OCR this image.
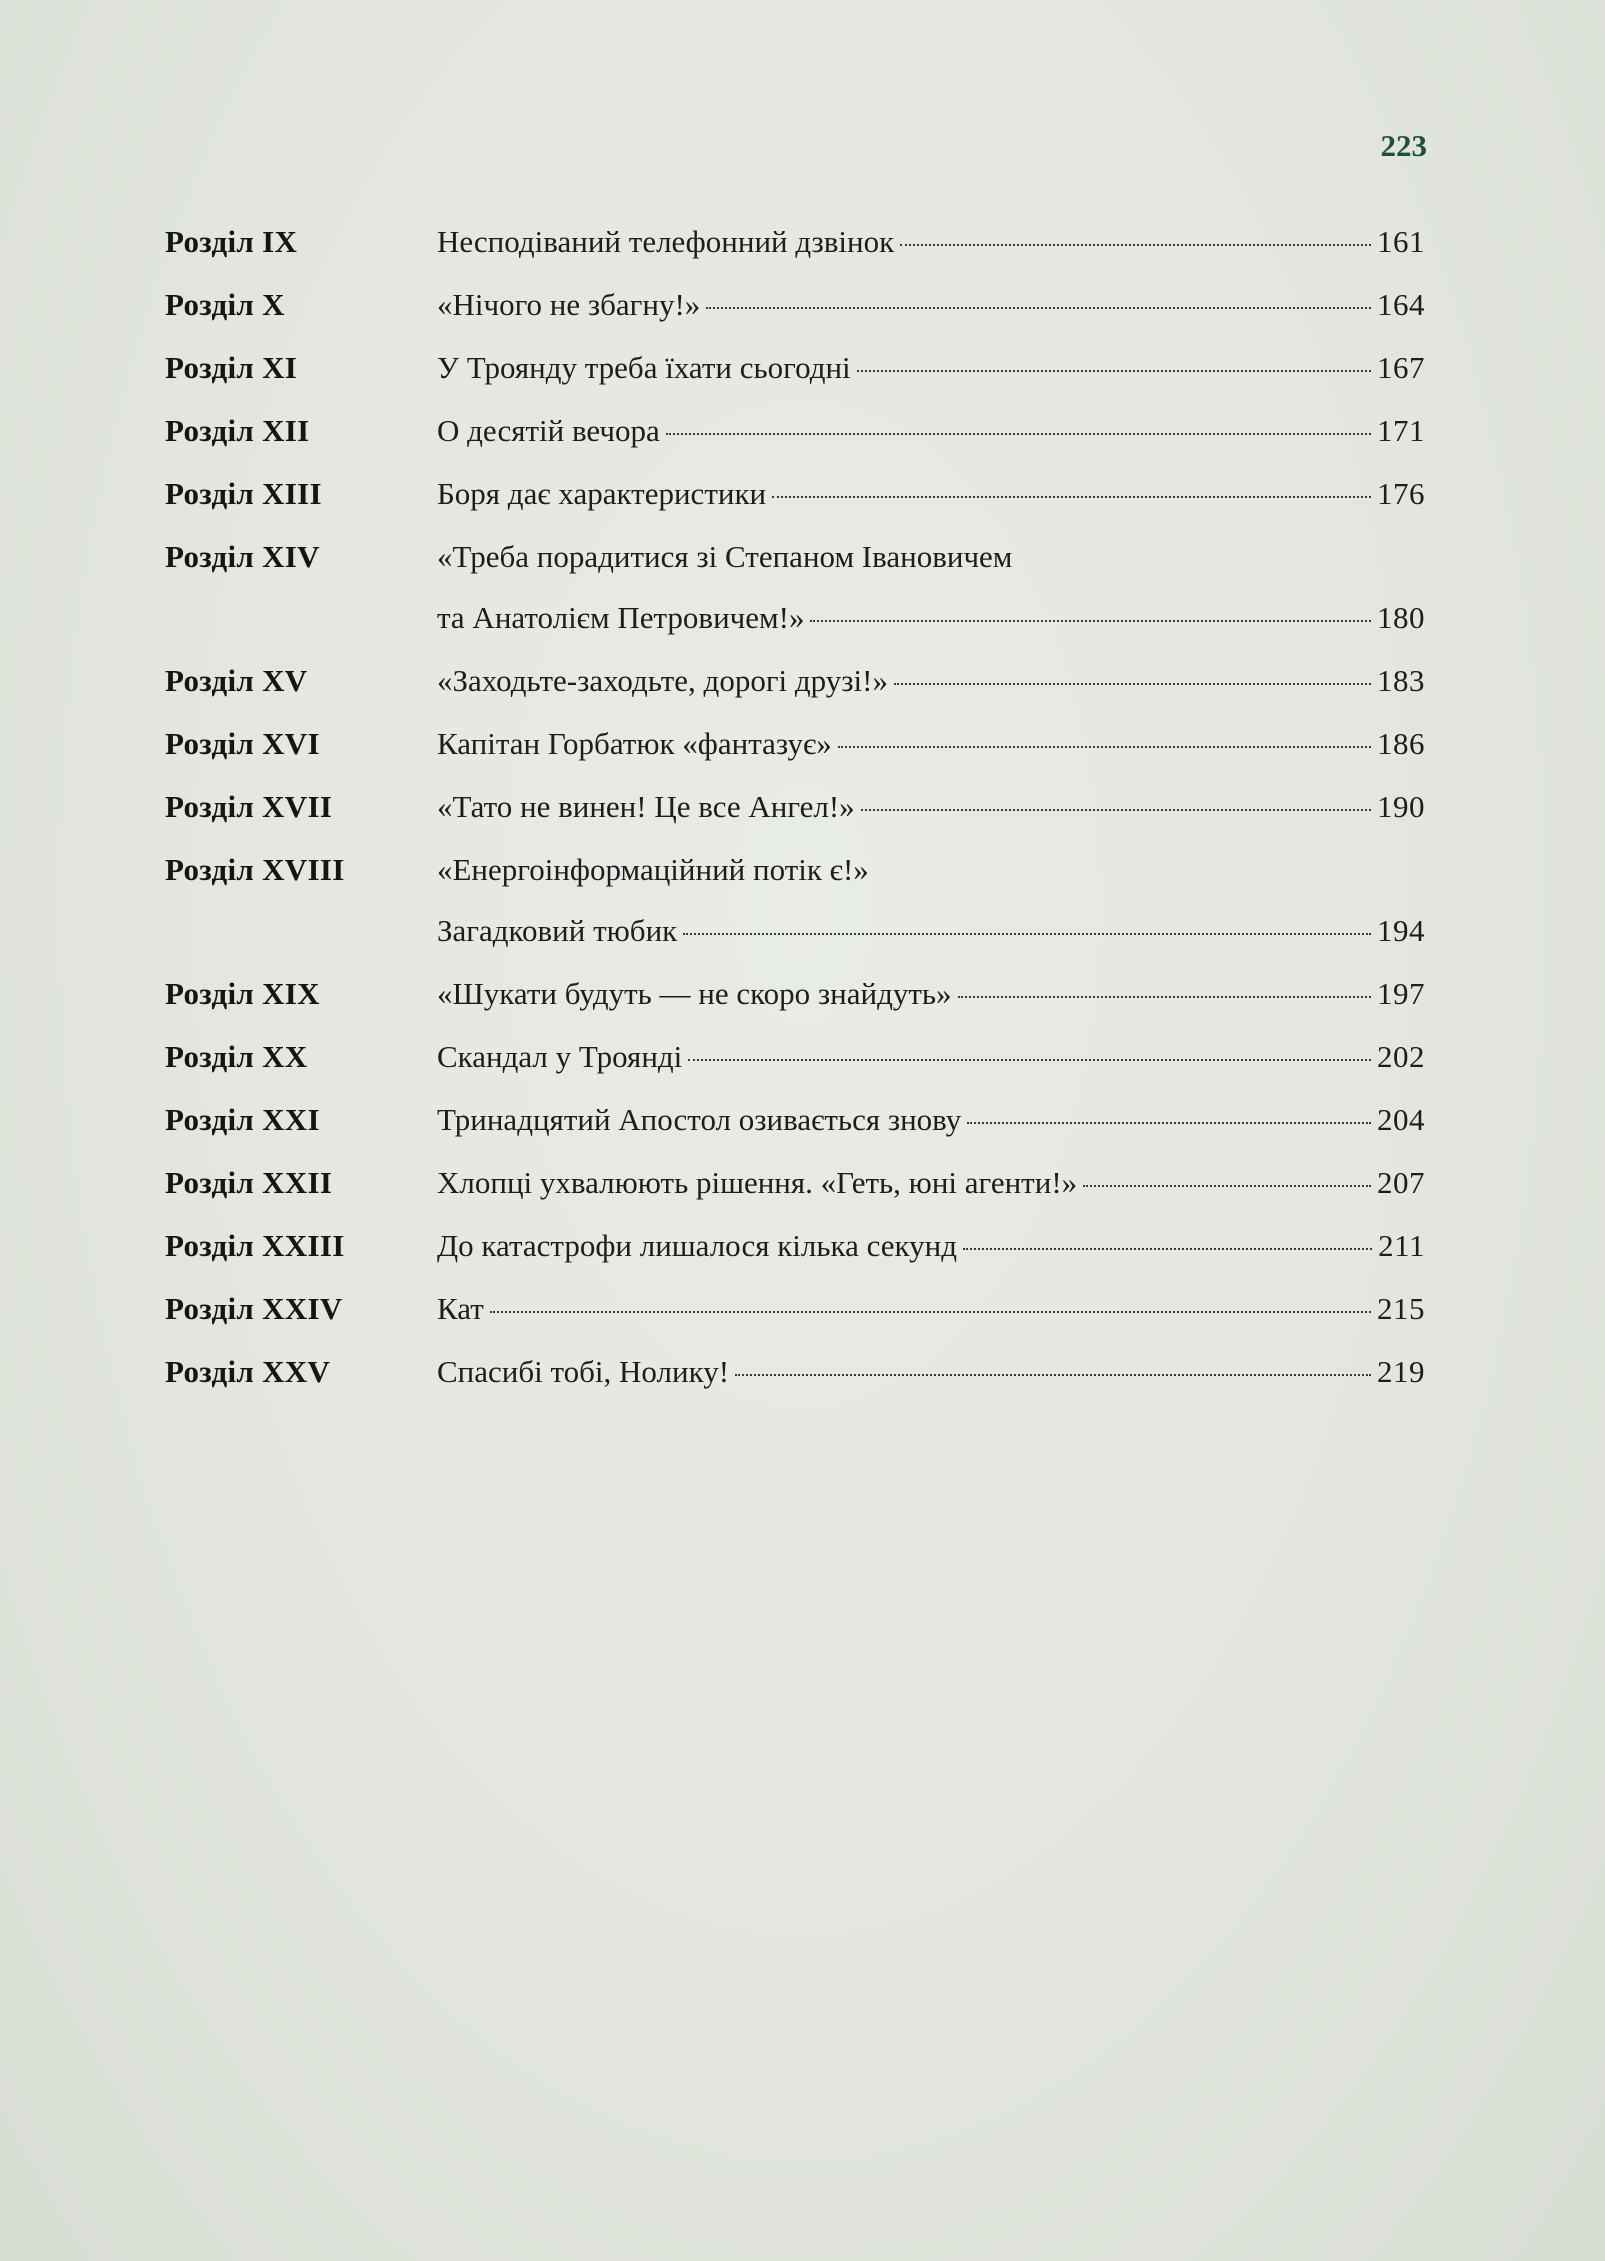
223
Розділ IX	Несподіваний телефонний дзвінок	161
Розділ X	«Нічого не збагну!»	164
Розділ XI	У Троянду треба їхати сьогодні	167
Розділ XII	О десятій вечора	171
Розділ XIII	Боря дає характеристики	176
Розділ XIV	«Треба порадитися зі Степаном Івановичем
та Анатолієм Петровичем!»	180
Розділ XV	«Заходьте-заходьте, дорогі друзі!»	183
Розділ XVI	Капітан Горбатюк «фантазує»	186
Розділ XVII	«Тато не винен! Це все Ангел!»	190
Розділ XVIII	«Енергоінформаційний потік є!»
Загадковий тюбик	194
Розділ XIX	«Шукати будуть — не скоро знайдуть»	197
Розділ XX	Скандал у Троянді	202
Розділ XXI	Тринадцятий Апостол озивається знову	204
Розділ XXII	Хлопці ухвалюють рішення. «Геть, юні агенти!»	207
Розділ XXIII	До катастрофи лишалося кілька секунд	211
Розділ XXIV	Кат	215
Розділ XXV	Спасибі тобі, Нолику!	219
